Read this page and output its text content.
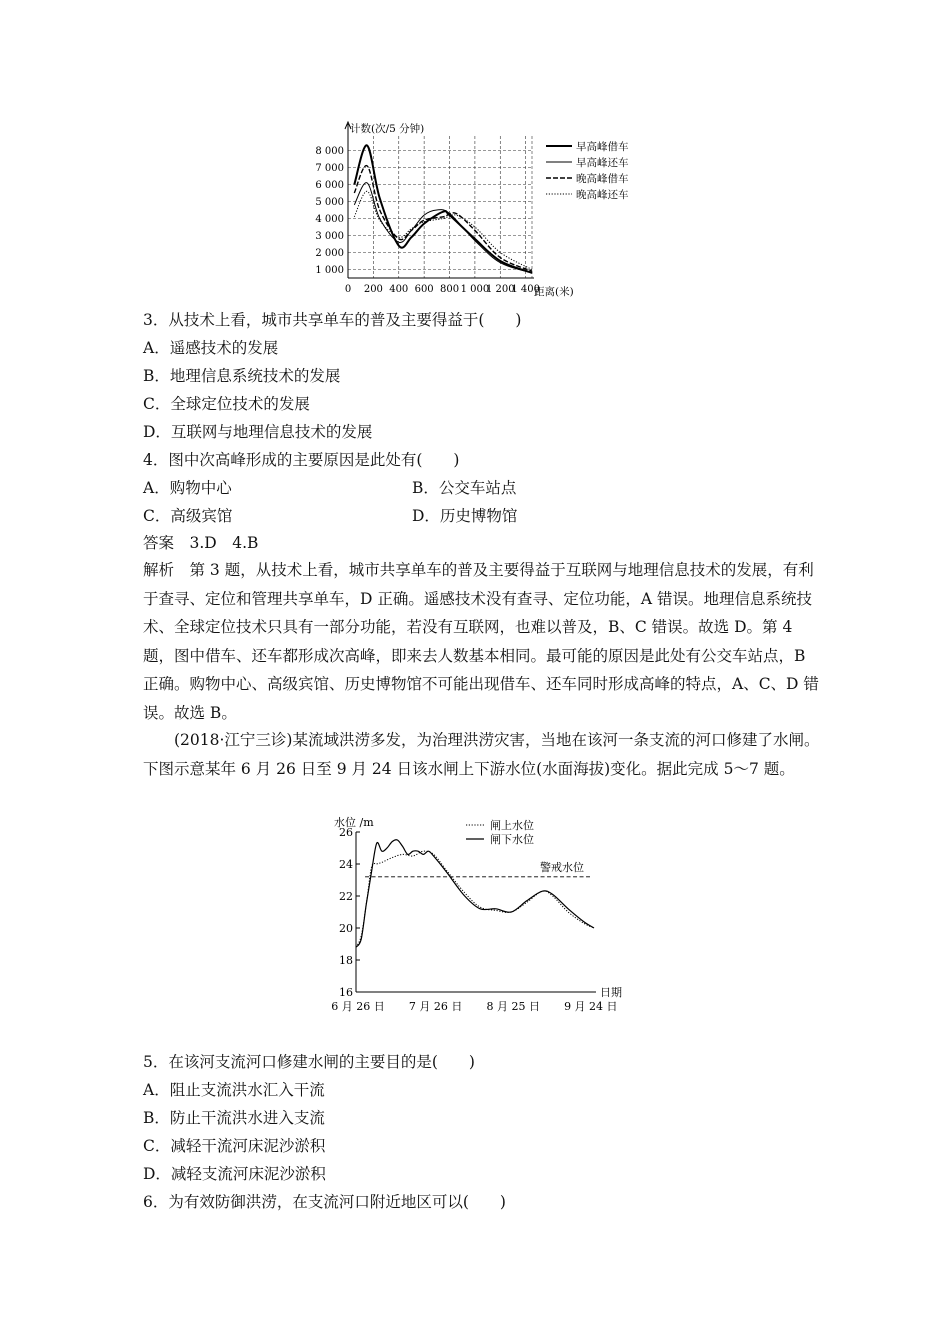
计数(次/5 分钟)
距离(米)
1 000
2 000
3 000
4 000
5 000
6 000
7 000
8 000
0 200 400 600 800 1 000
1 200
1 400
早高峰借车
早高峰还车
晚高峰借车
晚高峰还车
3．从技术上看，城市共享单车的普及主要得益于(　　)
A．遥感技术的发展
B．地理信息系统技术的发展
C．全球定位技术的发展
D．互联网与地理信息技术的发展
4．图中次高峰形成的主要原因是此处有(　　)
A．购物中心	B．公交车站点
C．高级宾馆	D．历史博物馆
答案　3.D　4.B
解析　第 3 题，从技术上看，城市共享单车的普及主要得益于互联网与地理信息技术的发展，有利于查寻、定位和管理共享单车，D 正确。遥感技术没有查寻、定位功能，A 错误。地理信息系统技术、全球定位技术只具有一部分功能，若没有互联网，也难以普及，B、C 错误。故选 D。第 4 题，图中借车、还车都形成次高峰，即来去人数基本相同。最可能的原因是此处有公交车站点，B 正确。购物中心、高级宾馆、历史博物馆不可能出现借车、还车同时形成高峰的特点，A、C、D 错误。故选 B。
(2018·江宁三诊)某流域洪涝多发，为治理洪涝灾害，当地在该河一条支流的河口修建了水闸。下图示意某年 6 月 26 日至 9 月 24 日该水闸上下游水位(水面海拔)变化。据此完成 5～7 题。
水位 /m
日期
16
18
20
22
24
26
6 月 26 日 7 月 26 日 8 月 25 日 9 月 24 日
警戒水位
闸上水位
闸下水位
5．在该河支流河口修建水闸的主要目的是(　　)
A．阻止支流洪水汇入干流
B．防止干流洪水进入支流
C．减轻干流河床泥沙淤积
D．减轻支流河床泥沙淤积
6．为有效防御洪涝，在支流河口附近地区可以(　　)
